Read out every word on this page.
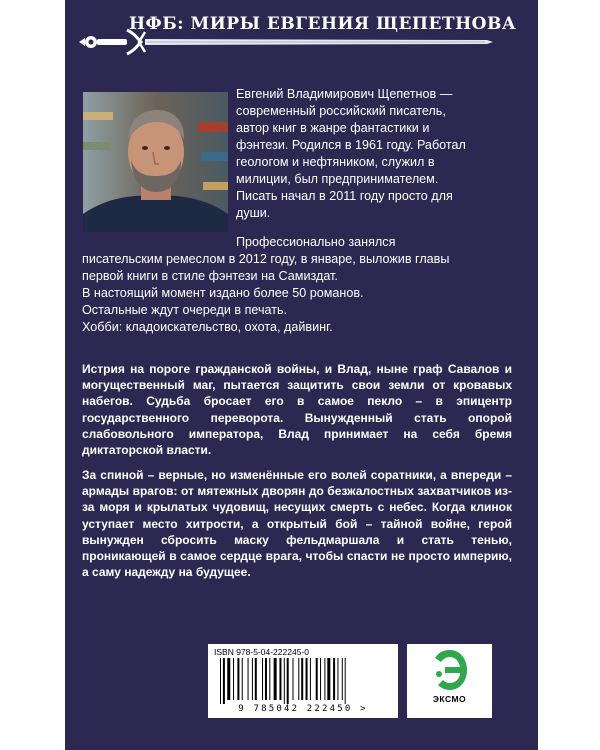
НФБ: МИРЫ ЕВГЕНИЯ ЩЕПЕТНОВА
Евгений Владимирович Щепетнов —
современный российский писатель,
автор книг в жанре фантастики и
фэнтези. Родился в 1961 году. Работал
геологом и нефтяником, служил в
милиции, был предпринимателем.
Писать начал в 2011 году просто для
души.
Профессионально занялся
писательским ремеслом в 2012 году, в январе, выложив главы
первой книги в стиле фэнтези на Самиздат.
В настоящий момент издано более 50 романов.
Остальные ждут очереди в печать.
Хобби: кладоискательство, охота, дайвинг.
Истрия на пороге гражданской войны, и Влад, ныне граф Савалов и могущественный маг, пытается защитить свои земли от кровавых набегов. Судьба бросает его в самое пекло – в эпицентр государственного переворота. Вынужденный стать опорой слабовольного императора, Влад принимает на себя бремя диктаторской власти.
За спиной – верные, но изменённые его волей соратники, а впереди – армады врагов: от мятежных дворян до безжалостных захватчиков из-за моря и крылатых чудовищ, несущих смерть с небес. Когда клинок уступает место хитрости, а открытый бой – тайной войне, герой вынужден сбросить маску фельдмаршала и стать тенью, проникающей в самое сердце врага, чтобы спасти не просто империю, а саму надежду на будущее.
ISBN 978-5-04-222245-0
9 785042 222450 >
ЭКСМО
